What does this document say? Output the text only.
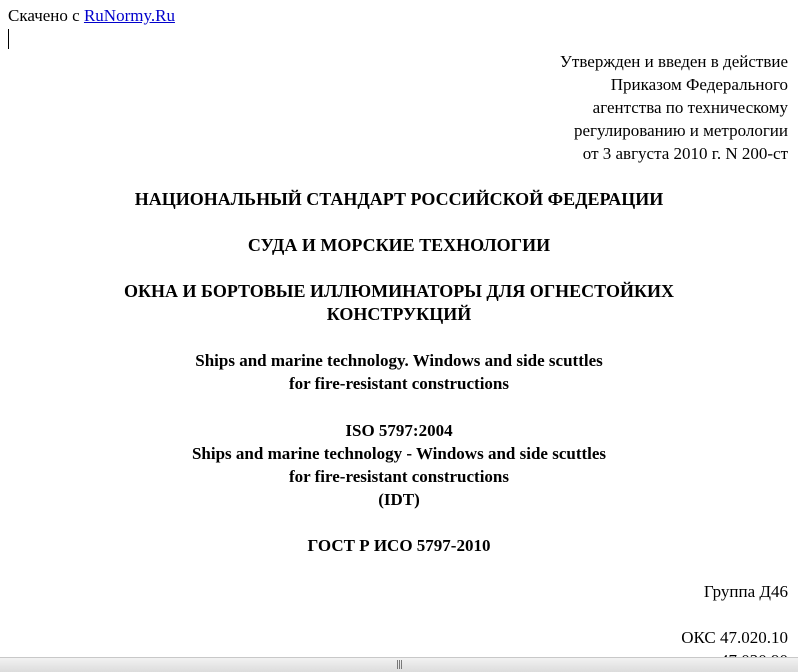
Скачено с RuNormy.Ru
Утвержден и введен в действие
Приказом Федерального
агентства по техническому
регулированию и метрологии
от 3 августа 2010 г. N 200-ст
НАЦИОНАЛЬНЫЙ СТАНДАРТ РОССИЙСКОЙ ФЕДЕРАЦИИ
СУДА И МОРСКИЕ ТЕХНОЛОГИИ
ОКНА И БОРТОВЫЕ ИЛЛЮМИНАТОРЫ ДЛЯ ОГНЕСТОЙКИХ
КОНСТРУКЦИЙ
Ships and marine technology. Windows and side scuttles
for fire-resistant constructions
ISO 5797:2004
Ships and marine technology - Windows and side scuttles
for fire-resistant constructions
(IDT)
ГОСТ Р ИСО 5797-2010
Группа Д46
ОКС 47.020.10
|||
